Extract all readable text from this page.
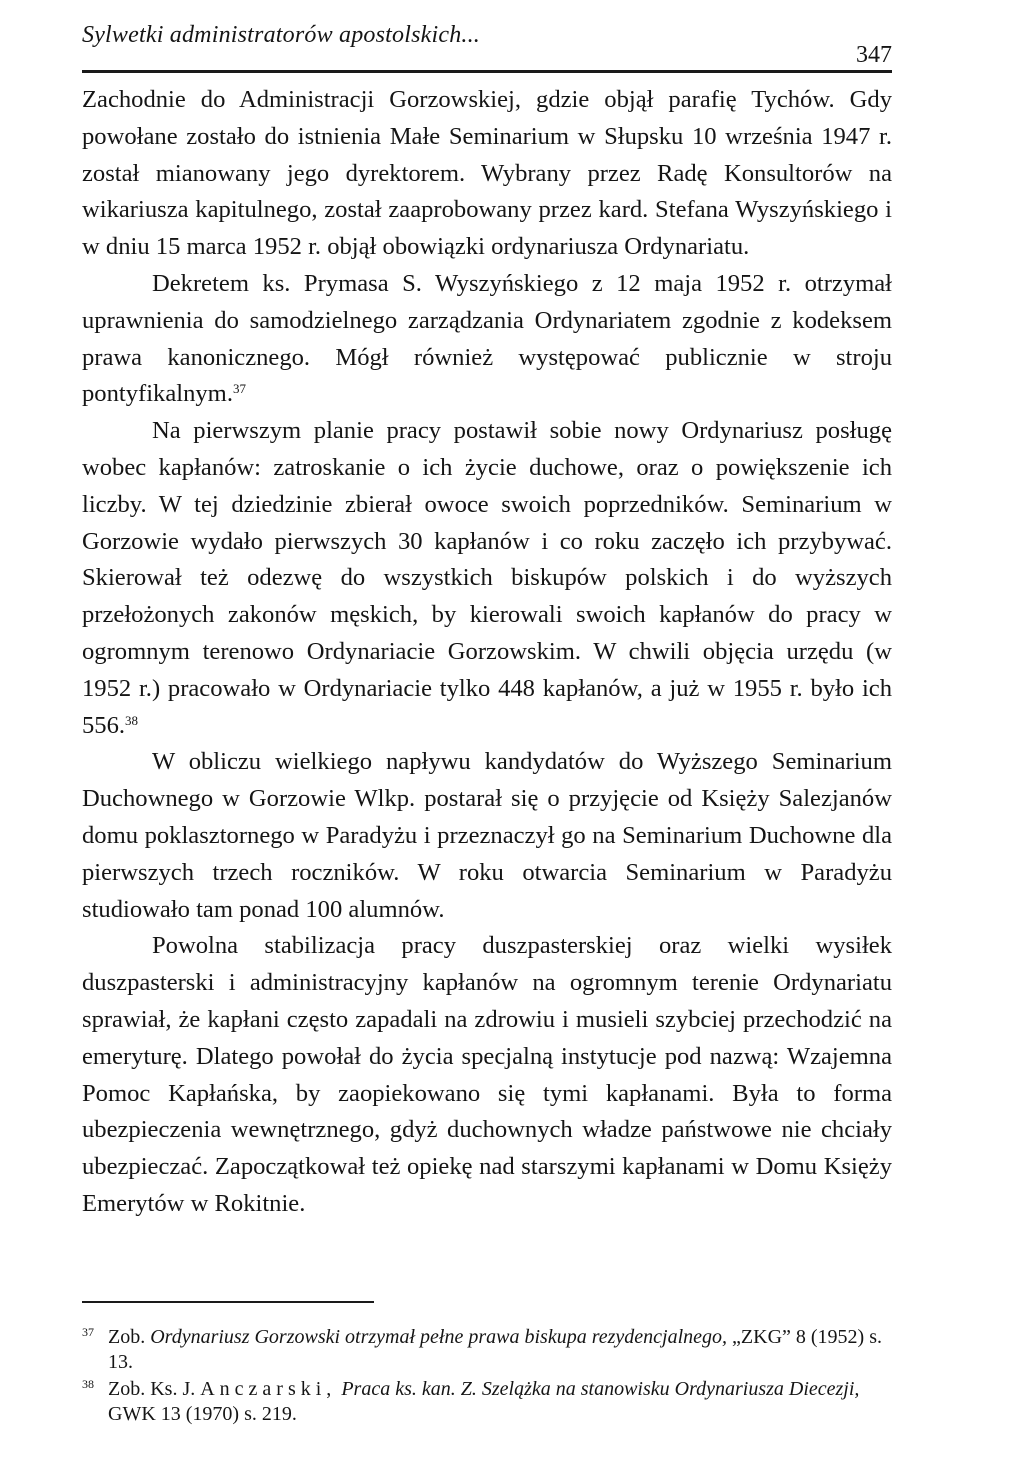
Sylwetki administratorów apostolskich...
347

Zachodnie do Administracji Gorzowskiej, gdzie objął parafię Tychów. Gdy powołane zostało do istnienia Małe Seminarium w Słupsku 10 września 1947 r. został mianowany jego dyrektorem. Wybrany przez Radę Konsultorów na wikariusza kapitulnego, został zaaprobowany przez kard. Stefana Wyszyńskiego i w dniu 15 marca 1952 r. objął obowiązki ordynariusza Ordynariatu.

Dekretem ks. Prymasa S. Wyszyńskiego z 12 maja 1952 r. otrzymał uprawnienia do samodzielnego zarządzania Ordynariatem zgodnie z kodeksem prawa kanonicznego. Mógł również występować publicznie w stroju pontyfikalnym.$^{37}$

Na pierwszym planie pracy postawił sobie nowy Ordynariusz posługę wobec kapłanów: zatroskanie o ich życie duchowe, oraz o powiększenie ich liczby. W tej dziedzinie zbierał owoce swoich poprzedników. Seminarium w Gorzowie wydało pierwszych 30 kapłanów i co roku zaczęło ich przybywać. Skierował też odezwę do wszystkich biskupów polskich i do wyższych przełożonych zakonów męskich, by kierowali swoich kapłanów do pracy w ogromnym terenowo Ordynariacie Gorzowskim. W chwili objęcia urzędu (w 1952 r.) pracowało w Ordynariacie tylko 448 kapłanów, a już w 1955 r. było ich 556.38

W obliczu wielkiego napływu kandydatów do Wyższego Seminarium Duchownego w Gorzowie Wlkp. postarał się o przyjęcie od Księży Salezjanów domu poklasztornego w Paradyżu i przeznaczył go na Seminarium Duchowne dla pierwszych trzech roczników. W roku otwarcia Seminarium w Paradyżu studiowało tam ponad 100 alumnów.

Powolna stabilizacja pracy duszpasterskiej oraz wielki wysiłek duszpasterski i administracyjny kapłanów na ogromnym terenie Ordynariatu sprawiał, że kapłani często zapadali na zdrowiu i musieli szybciej przechodzić na emeryturę. Dlatego powołał do życia specjalną instytucje pod nazwą: Wzajemna Pomoc Kapłańska, by zaopiekowano się tymi kapłanami. Była to forma ubezpieczenia wewnętrznego, gdyż duchownych władze państwowe nie chciały ubezpieczać. Zapoczątkował też opiekę nad starszymi kapłanami w Domu Księży Emerytów w Rokitnie.

37 Zob. Ordynariusz Gorzowski otrzymał pełne prawa biskupa rezydencjalnego, „ZKG” 8 (1952) s. 13.
38 Zob. Ks. J. Anczarski, Praca ks. kan. Z. Szelążka na stanowisku Ordynariusza Diecezji, GWK 13 (1970) s. 219.
